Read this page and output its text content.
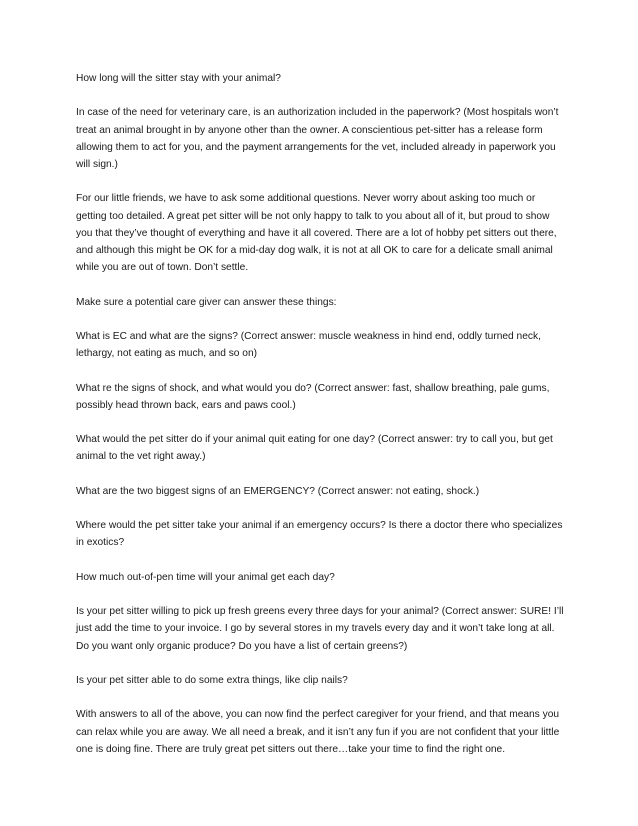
How long will the sitter stay with your animal?

In case of the need for veterinary care, is an authorization included in the paperwork? (Most hospitals won’t treat an animal brought in by anyone other than the owner. A conscientious pet-sitter has a release form allowing them to act for you, and the payment arrangements for the vet, included already in paperwork you will sign.)

For our little friends, we have to ask some additional questions. Never worry about asking too much or getting too detailed. A great pet sitter will be not only happy to talk to you about all of it, but proud to show you that they’ve thought of everything and have it all covered. There are a lot of hobby pet sitters out there, and although this might be OK for a mid-day dog walk, it is not at all OK to care for a delicate small animal while you are out of town. Don’t settle.

Make sure a potential care giver can answer these things:

What is EC and what are the signs? (Correct answer: muscle weakness in hind end, oddly turned neck, lethargy, not eating as much, and so on)

What re the signs of shock, and what would you do? (Correct answer: fast, shallow breathing, pale gums, possibly head thrown back, ears and paws cool.)

What would the pet sitter do if your animal quit eating for one day? (Correct answer: try to call you, but get animal to the vet right away.)

What are the two biggest signs of an EMERGENCY? (Correct answer: not eating, shock.)

Where would the pet sitter take your animal if an emergency occurs? Is there a doctor there who specializes in exotics?

How much out-of-pen time will your animal get each day?

Is your pet sitter willing to pick up fresh greens every three days for your animal? (Correct answer: SURE! I’ll just add the time to your invoice. I go by several stores in my travels every day and it won’t take long at all. Do you want only organic produce? Do you have a list of certain greens?)

Is your pet sitter able to do some extra things, like clip nails?

With answers to all of the above, you can now find the perfect caregiver for your friend, and that means you can relax while you are away. We all need a break, and it isn’t any fun if you are not confident that your little one is doing fine. There are truly great pet sitters out there…take your time to find the right one.
